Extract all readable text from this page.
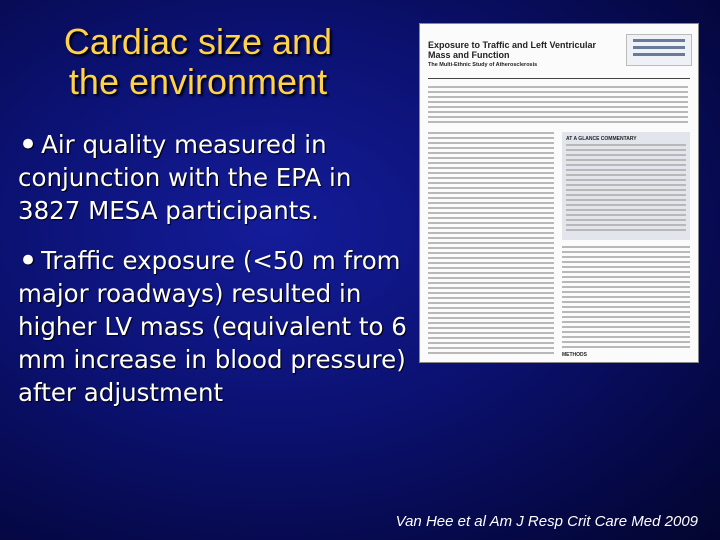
Cardiac size and
the environment
• Air quality measured in conjunction with the EPA in 3827 MESA participants.
• Traffic exposure (<50 m from major roadways) resulted in higher LV mass (equivalent to 6 mm increase in blood pressure) after adjustment
Exposure to Traffic and Left Ventricular Mass and Function
The Multi-Ethnic Study of Atherosclerosis
AT A GLANCE COMMENTARY
METHODS
Van Hee et al Am J Resp Crit Care Med 2009
